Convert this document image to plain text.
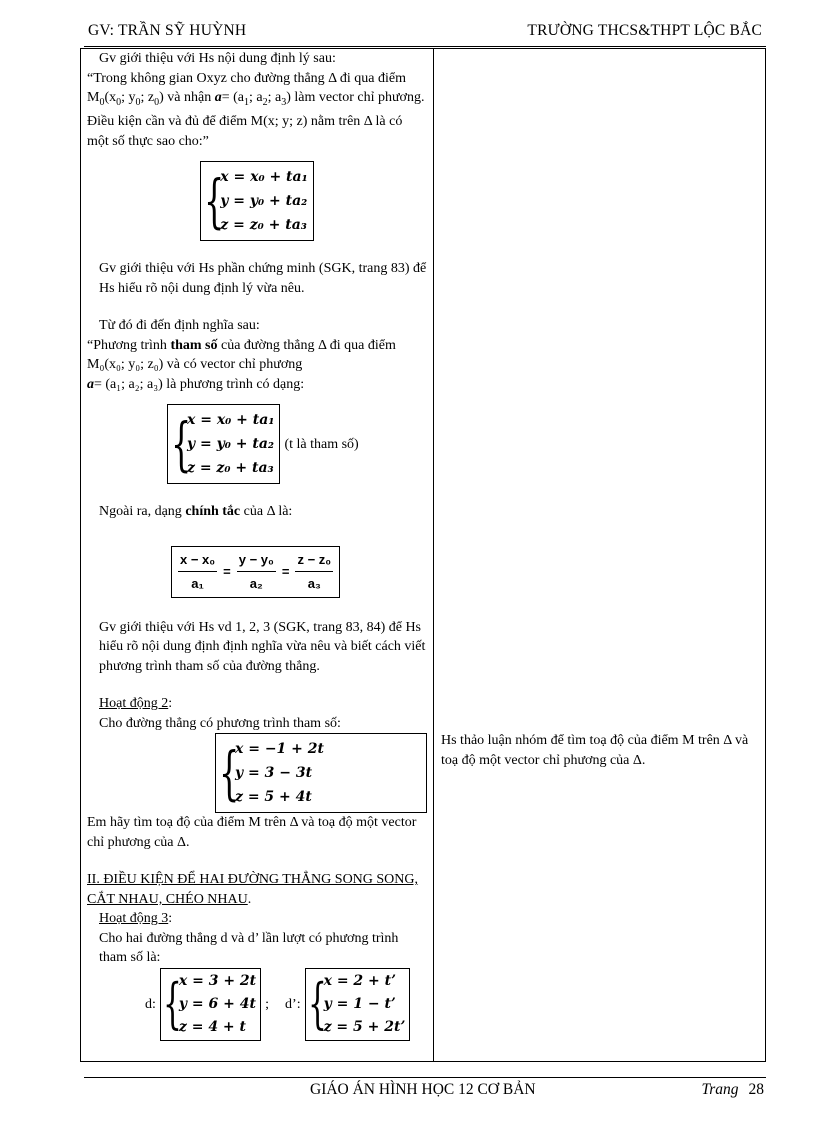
GV: TRẦN SỸ HUỲNH	TRƯỜNG THCS&THPT LỘC BẮC

Gv giới thiệu với Hs nội dung định lý sau:

“Trong không gian Oxyz cho đường thẳng Δ đi qua điểm $M_0(x_0$; $y_0$; $z_0$) và nhận $a= (a_1$; $a_2$; $a_3$) làm vector chỉ phương. Điều kiện cần và đủ để điểm M(x; y; z) nằm trên Δ là có một số thực sao cho:”

{
x = x₀ + ta₁
y = y₀ + ta₂
z = z₀ + ta₃

Gv giới thiệu với Hs phần chứng minh (SGK, trang 83) để Hs hiểu rõ nội dung định lý vừa nêu.

Từ đó đi đến định nghĩa sau:

“Phương trình tham số của đường thẳng Δ đi qua điểm M₀(x₀; y₀; z₀) và có vector chỉ phương
a= (a₁; a₂; a₃) là phương trình có dạng:

{
x = x₀ + ta₁
y = y₀ + ta₂
z = z₀ + ta₃
(t là tham số)

Ngoài ra, dạng chính tắc của Δ là:

$\frac{\text{x − x₀}}{\text{a₁}} = \frac{\text{y − y₀}}{\text{a₂}} = \frac{\text{z − z₀}}{\text{a₃}}$

Gv giới thiệu với Hs vd 1, 2, 3 (SGK, trang 83, 84) để Hs hiểu rõ nội dung định định nghĩa vừa nêu và biết cách viết phương trình tham số của đường thẳng.

Hoạt động 2:

Cho đường thẳng có phương trình tham số:

{
x = −1 + 2t
y = 3 − 3t
z = 5 + 4t

Em hãy tìm toạ độ của điểm M trên Δ và toạ độ một vector chỉ phương của Δ.

II. ĐIỀU KIỆN ĐỂ HAI ĐƯỜNG THẲNG SONG SONG, CẮT NHAU, CHÉO NHAU.

Hoạt động 3:

Cho hai đường thẳng d và d’ lần lượt có phương trình tham số là:

d: {
x = 3 + 2t
y = 6 + 4t
z = 4 + t
; d’: {
x = 2 + t’
y = 1 − t’
z = 5 + 2t’
Hs thảo luận nhóm để tìm toạ độ của điểm M trên Δ và toạ độ một vector chỉ phương của Δ.
GIÁO ÁN HÌNH HỌC 12 CƠ BẢN	Trang 28
